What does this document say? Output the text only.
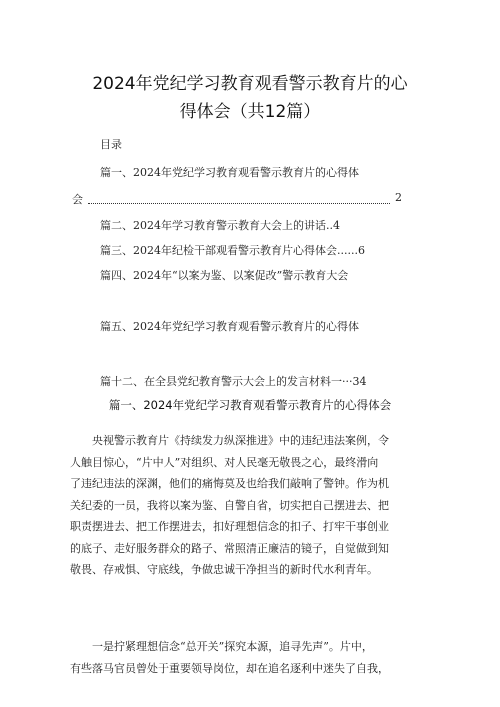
2024年党纪学习教育观看警示教育片的心
得体会（共12篇）
目录
篇一、2024年党纪学习教育观看警示教育片的心得体
会	2
篇二、2024年学习教育警示教育大会上的讲话..4
篇三、2024年纪检干部观看警示教育片心得体会......6
篇四、2024年“以案为鉴、以案促改”警示教育大会
篇五、2024年党纪学习教育观看警示教育片的心得体
篇十二、在全县党纪教育警示大会上的发言材料一···34
篇一、2024年党纪学习教育观看警示教育片的心得体会
央视警示教育片《持续发力纵深推进》中的违纪违法案例，令
人触目惊心，“片中人”对组织、对人民毫无敬畏之心，最终滑向
了违纪违法的深渊，他们的痛悔莫及也给我们敲响了警钟。作为机
关纪委的一员，我将以案为鉴、自警自省，切实把自己摆进去、把
职责摆进去、把工作摆进去，扣好理想信念的扣子、打牢干事创业
的底子、走好服务群众的路子、常照清正廉洁的镜子，自觉做到知
敬畏、存戒惧、守底线，争做忠诚干净担当的新时代水利青年。
一是拧紧理想信念“总开关”探究本源，追寻先声”。片中，
有些落马官员曾处于重要领导岗位，却在追名逐利中迷失了自我，
